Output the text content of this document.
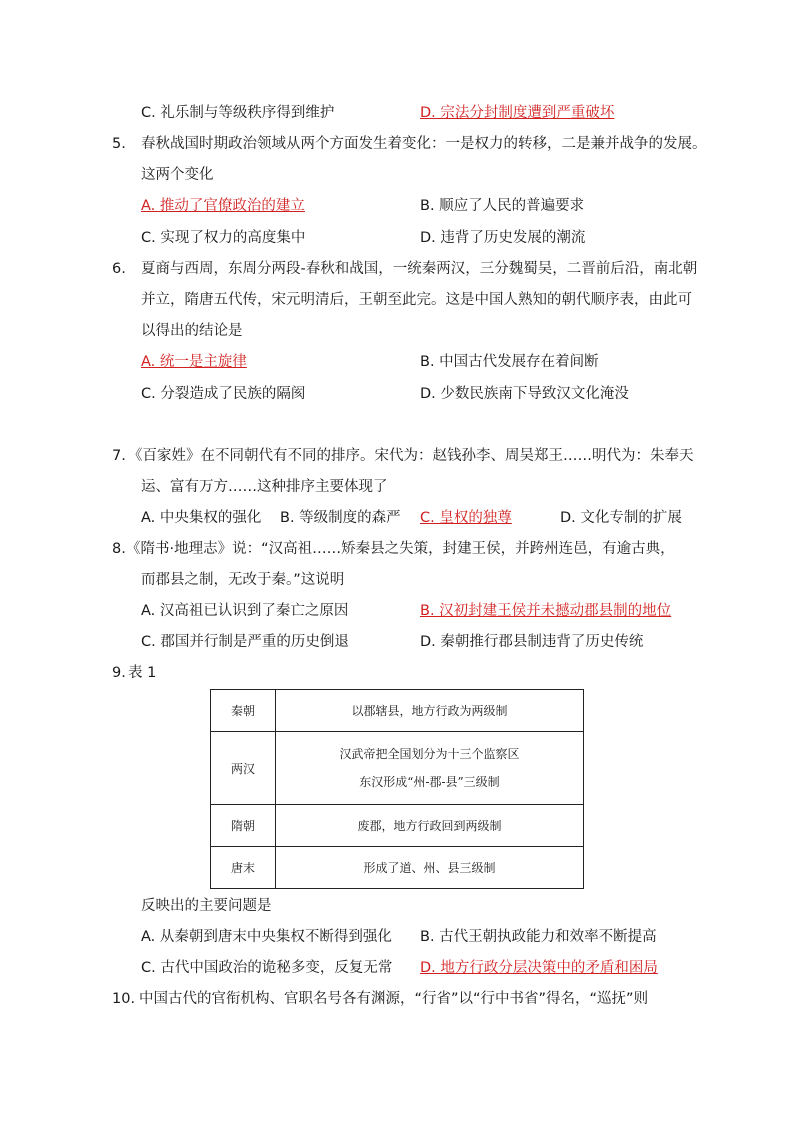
C. 礼乐制与等级秩序得到维护	D. 宗法分封制度遭到严重破坏
5. 春秋战国时期政治领域从两个方面发生着变化：一是权力的转移，二是兼并战争的发展。
这两个变化
A. 推动了官僚政治的建立	B. 顺应了人民的普遍要求
C. 实现了权力的高度集中	D. 违背了历史发展的潮流
6. 夏商与西周，东周分两段-春秋和战国，一统秦两汉，三分魏蜀吴，二晋前后沿，南北朝
并立，隋唐五代传，宋元明清后，王朝至此完。这是中国人熟知的朝代顺序表，由此可
以得出的结论是
A. 统一是主旋律	B. 中国古代发展存在着间断
C. 分裂造成了民族的隔阂	D. 少数民族南下导致汉文化淹没
7. 《百家姓》在不同朝代有不同的排序。宋代为：赵钱孙李、周吴郑王……明代为：朱奉天
运、富有万方……这种排序主要体现了
A. 中央集权的强化 B. 等级制度的森严 C. 皇权的独尊	D. 文化专制的扩展
8. 《隋书·地理志》说：“汉高祖……矫秦县之失策，封建王侯，并跨州连邑，有逾古典，
而郡县之制，无改于秦。”这说明
A. 汉高祖已认识到了秦亡之原因	B. 汉初封建王侯并未撼动郡县制的地位
C. 郡国并行制是严重的历史倒退	D. 秦朝推行郡县制违背了历史传统
9. 表 1
秦朝	以郡辖县，地方行政为两级制

两汉	汉武帝把全国划分为十三个监察区
东汉形成“州-郡-县”三级制

隋朝	废郡，地方行政回到两级制

唐末	形成了道、州、县三级制
反映出的主要问题是
A. 从秦朝到唐末中央集权不断得到强化 B. 古代王朝执政能力和效率不断提高
C. 古代中国政治的诡秘多变，反复无常 D. 地方行政分层决策中的矛盾和困局
10. 中国古代的官衔机构、官职名号各有渊源，“行省”以“行中书省”得名，“巡抚”则
